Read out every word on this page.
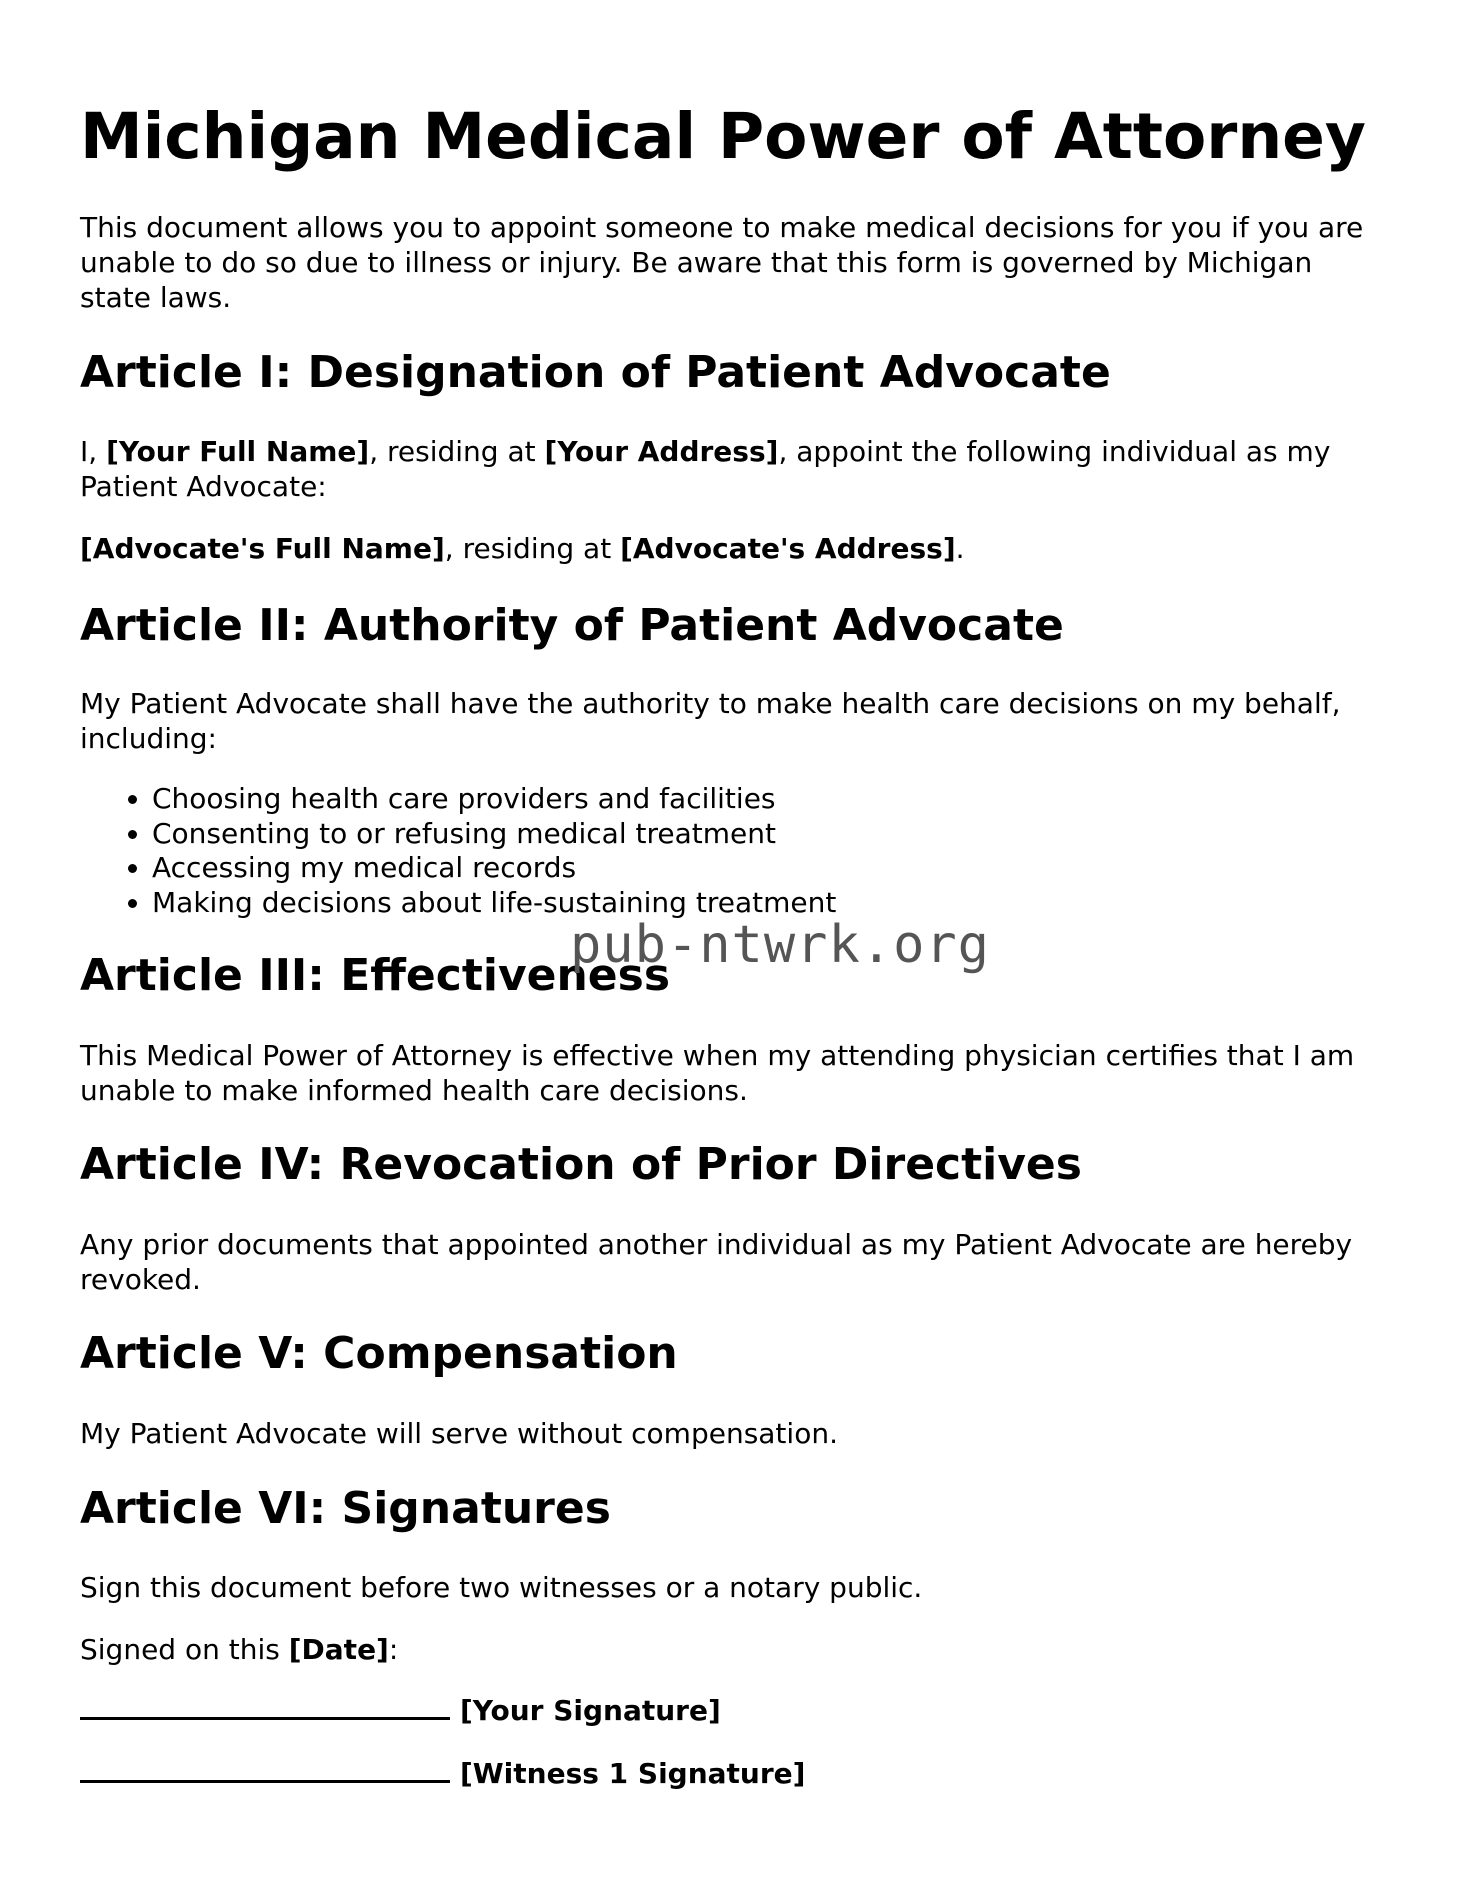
Michigan Medical Power of Attorney

This document allows you to appoint someone to make medical decisions for you if you are unable to do so due to illness or injury. Be aware that this form is governed by Michigan state laws.

Article I: Designation of Patient Advocate

I, [Your Full Name], residing at [Your Address], appoint the following individual as my Patient Advocate:

[Advocate's Full Name], residing at [Advocate's Address].

Article II: Authority of Patient Advocate

My Patient Advocate shall have the authority to make health care decisions on my behalf, including:

• Choosing health care providers and facilities
• Consenting to or refusing medical treatment
• Accessing my medical records
• Making decisions about life-sustaining treatment
Article III: Effectiveness

This Medical Power of Attorney is effective when my attending physician certifies that I am unable to make informed health care decisions.

Article IV: Revocation of Prior Directives

Any prior documents that appointed another individual as my Patient Advocate are hereby revoked.

Article V: Compensation

My Patient Advocate will serve without compensation.

Article VI: Signatures

Sign this document before two witnesses or a notary public.

Signed on this [Date]:

[Your Signature]
[Witness 1 Signature]
pub-ntwrk.org
